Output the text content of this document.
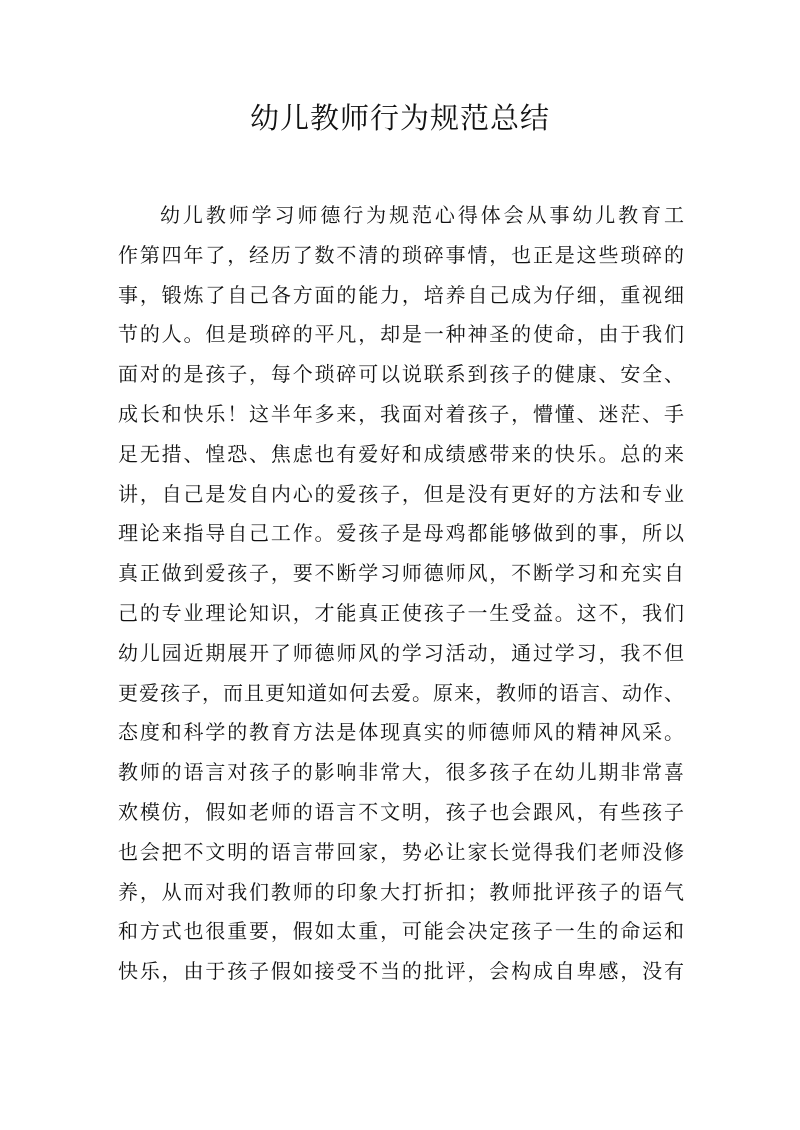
幼儿教师行为规范总结
幼儿教师学习师德行为规范心得体会从事幼儿教育工
作第四年了，经历了数不清的琐碎事情，也正是这些琐碎的
事，锻炼了自己各方面的能力，培养自己成为仔细，重视细
节的人。但是琐碎的平凡，却是一种神圣的使命，由于我们
面对的是孩子，每个琐碎可以说联系到孩子的健康、安全、
成长和快乐！这半年多来，我面对着孩子，懵懂、迷茫、手
足无措、惶恐、焦虑也有爱好和成绩感带来的快乐。总的来
讲，自己是发自内心的爱孩子，但是没有更好的方法和专业
理论来指导自己工作。爱孩子是母鸡都能够做到的事，所以
真正做到爱孩子，要不断学习师德师风，不断学习和充实自
己的专业理论知识，才能真正使孩子一生受益。这不，我们
幼儿园近期展开了师德师风的学习活动，通过学习，我不但
更爱孩子，而且更知道如何去爱。原来，教师的语言、动作、
态度和科学的教育方法是体现真实的师德师风的精神风采。
教师的语言对孩子的影响非常大，很多孩子在幼儿期非常喜
欢模仿，假如老师的语言不文明，孩子也会跟风，有些孩子
也会把不文明的语言带回家，势必让家长觉得我们老师没修
养，从而对我们教师的印象大打折扣；教师批评孩子的语气
和方式也很重要，假如太重，可能会决定孩子一生的命运和
快乐，由于孩子假如接受不当的批评，会构成自卑感，没有
